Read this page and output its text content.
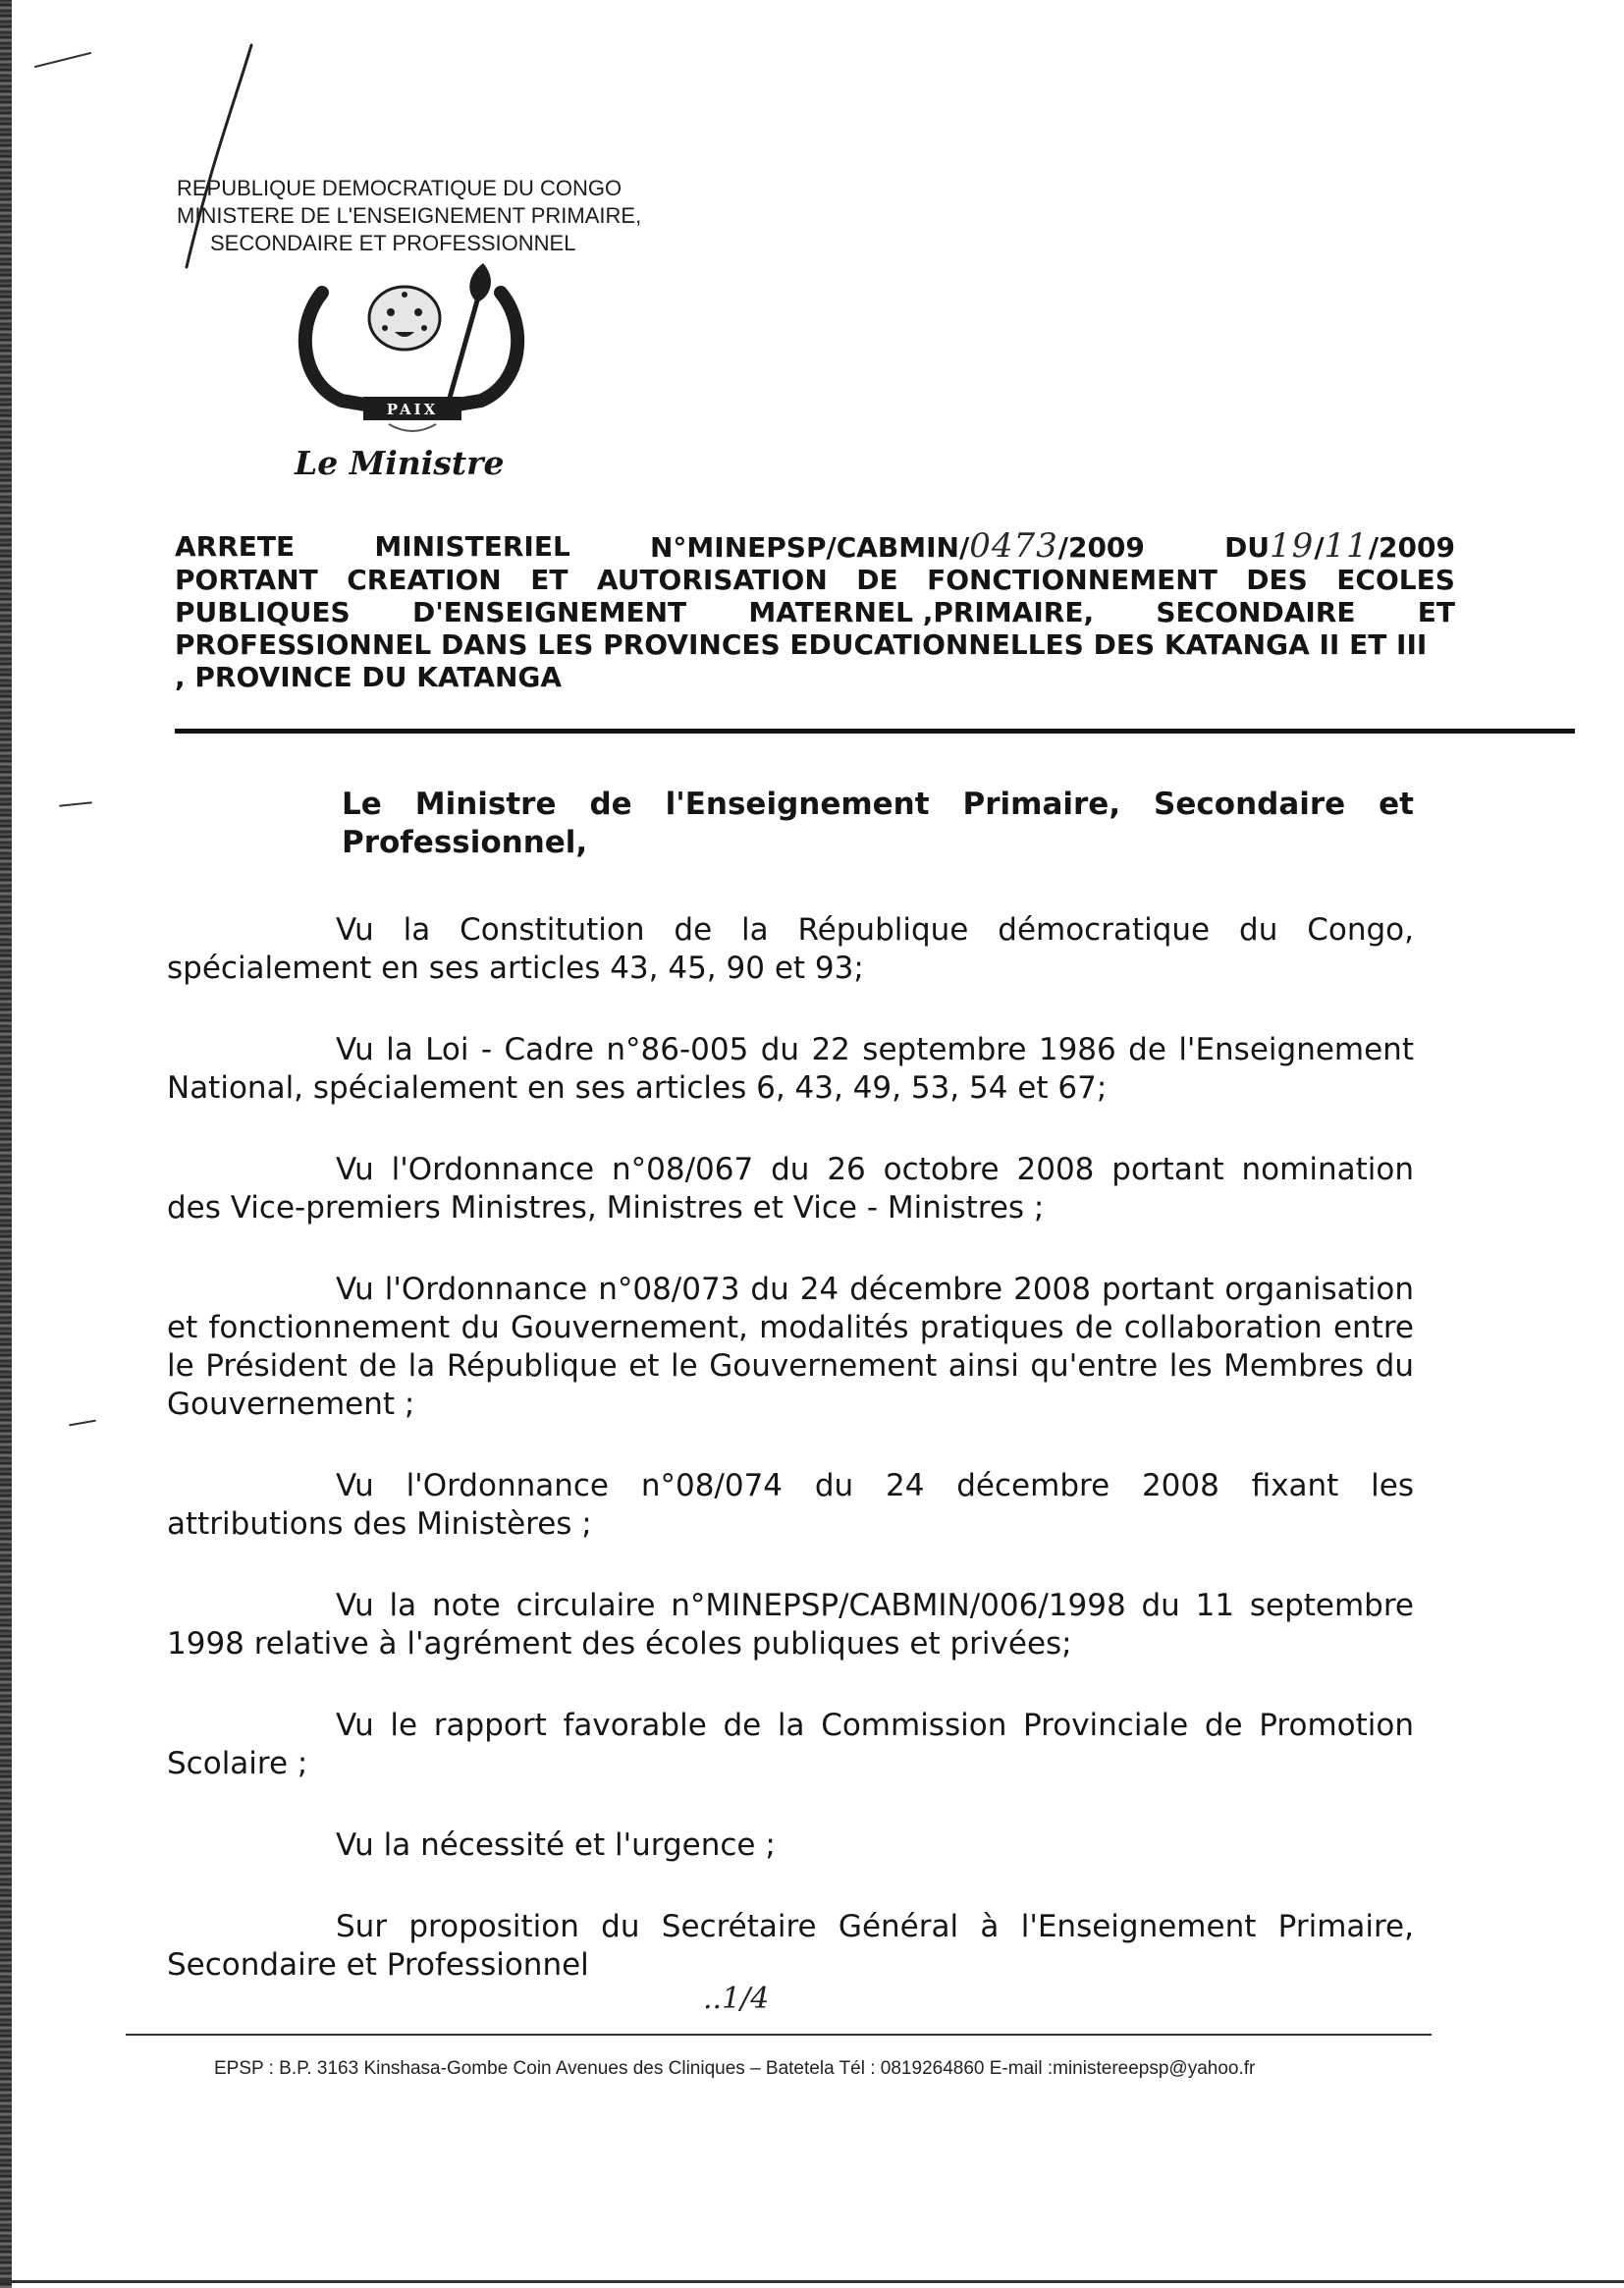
REPUBLIQUE DEMOCRATIQUE DU CONGO
MINISTERE DE L'ENSEIGNEMENT PRIMAIRE,
SECONDAIRE ET PROFESSIONNEL
PAIX
Le Ministre
ARRETE	MINISTERIEL	N°MINEPSP/CABMIN/0473/2009	DU19/11/2009
PORTANT CREATION ET AUTORISATION DE FONCTIONNEMENT DES ECOLES
PUBLIQUES D'ENSEIGNEMENT MATERNEL ,PRIMAIRE, SECONDAIRE ET
PROFESSIONNEL DANS LES PROVINCES EDUCATIONNELLES DES KATANGA II ET III
, PROVINCE DU KATANGA
Le Ministre de l'Enseignement Primaire, Secondaire et Professionnel,

Vu la Constitution de la République démocratique du Congo, spécialement en ses articles 43, 45, 90 et 93;

Vu la Loi - Cadre n°86-005 du 22 septembre 1986 de l'Enseignement National, spécialement en ses articles 6, 43, 49, 53, 54 et 67;

Vu l'Ordonnance n°08/067 du 26 octobre 2008 portant nomination des Vice-premiers Ministres, Ministres et Vice - Ministres ;

Vu l'Ordonnance n°08/073 du 24 décembre 2008 portant organisation et fonctionnement du Gouvernement, modalités pratiques de collaboration entre le Président de la République et le Gouvernement ainsi qu'entre les Membres du Gouvernement ;

Vu l'Ordonnance n°08/074 du 24 décembre 2008 fixant les attributions des Ministères ;

Vu la note circulaire n°MINEPSP/CABMIN/006/1998 du 11 septembre 1998 relative à l'agrément des écoles publiques et privées;

Vu le rapport favorable de la Commission Provinciale de Promotion Scolaire ;

Vu la nécessité et l'urgence ;

Sur proposition du Secrétaire Général à l'Enseignement Primaire, Secondaire et Professionnel

..1/4
EPSP : B.P. 3163 Kinshasa-Gombe Coin Avenues des Cliniques – Batetela Tél : 0819264860 E-mail :ministereepsp@yahoo.fr
